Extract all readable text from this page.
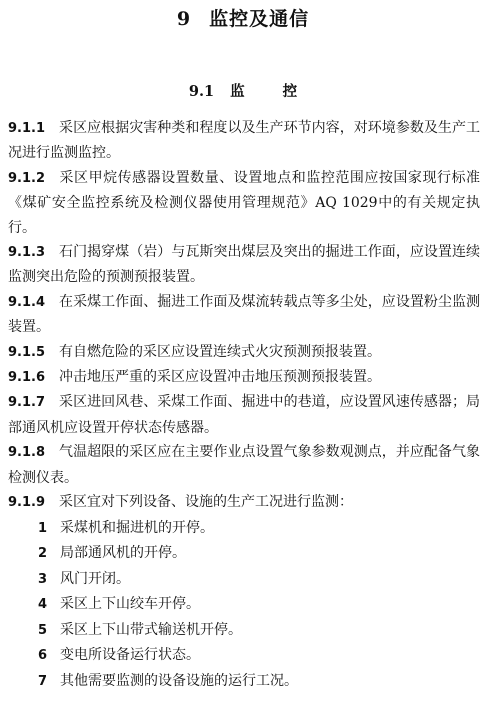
9 监控及通信
9.1 监	控

9.1.1 采区应根据灾害种类和程度以及生产环节内容，对环境参数及生产工况进行监测监控。

9.1.2 采区甲烷传感器设置数量、设置地点和监控范围应按国家现行标准《煤矿安全监控系统及检测仪器使用管理规范》AQ 1029中的有关规定执行。

9.1.3 石门揭穿煤（岩）与瓦斯突出煤层及突出的掘进工作面，应设置连续监测突出危险的预测预报装置。

9.1.4 在采煤工作面、掘进工作面及煤流转载点等多尘处，应设置粉尘监测装置。

9.1.5 有自燃危险的采区应设置连续式火灾预测预报装置。

9.1.6 冲击地压严重的采区应设置冲击地压预测预报装置。

9.1.7 采区进回风巷、采煤工作面、掘进中的巷道，应设置风速传感器；局部通风机应设置开停状态传感器。

9.1.8 气温超限的采区应在主要作业点设置气象参数观测点，并应配备气象检测仪表。

9.1.9 采区宜对下列设备、设施的生产工况进行监测：

1 采煤机和掘进机的开停。

2 局部通风机的开停。

3 风门开闭。

4 采区上下山绞车开停。

5 采区上下山带式输送机开停。

6 变电所设备运行状态。

7 其他需要监测的设备设施的运行工况。
